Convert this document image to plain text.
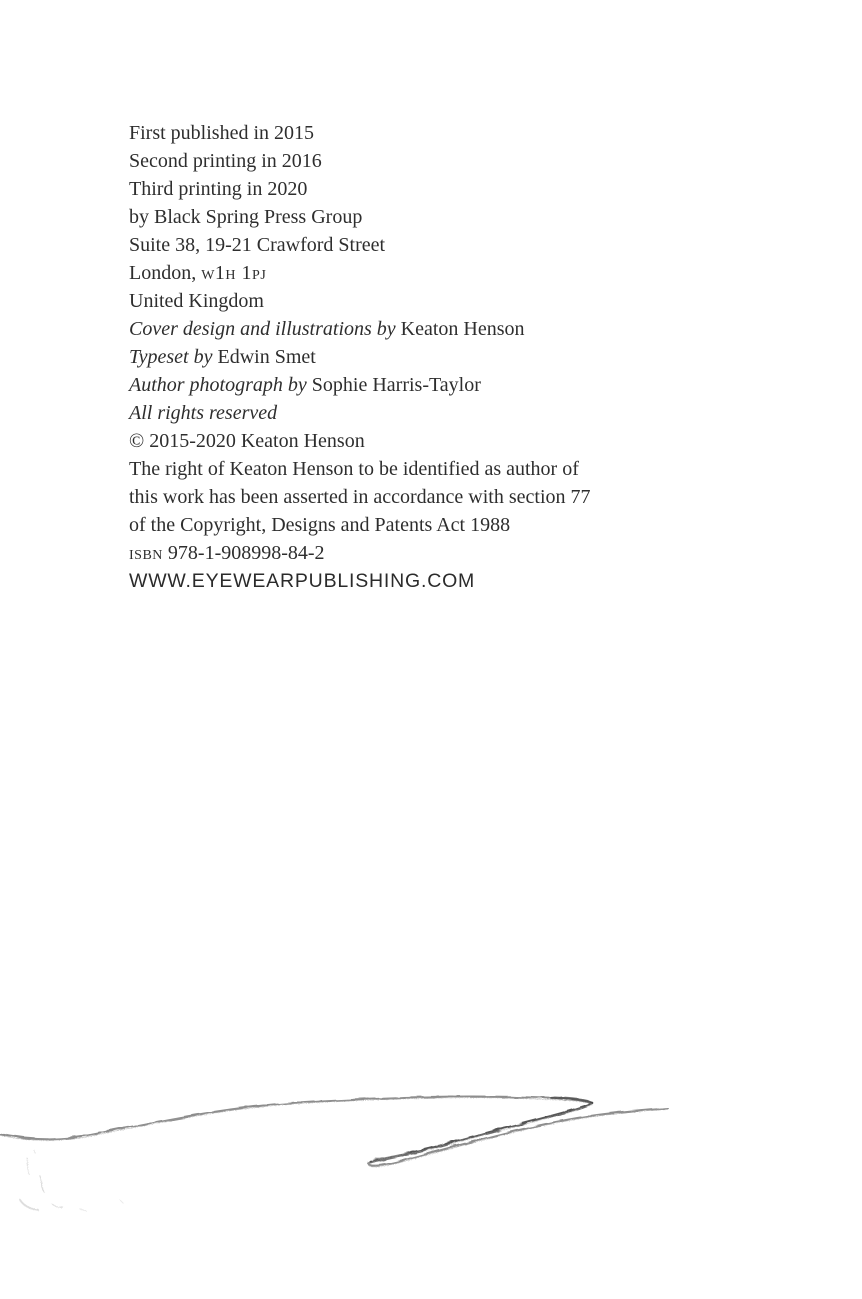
First published in 2015
Second printing in 2016
Third printing in 2020
by Black Spring Press Group
Suite 38, 19-21 Crawford Street
London, w1h 1pj
United Kingdom

Cover design and illustrations by Keaton Henson
Typeset by Edwin Smet
Author photograph by Sophie Harris-Taylor

All rights reserved
© 2015-2020 Keaton Henson

The right of Keaton Henson to be identified as author of
this work has been asserted in accordance with section 77
of the Copyright, Designs and Patents Act 1988
isbn 978-1-908998-84-2

WWW.EYEWEARPUBLISHING.COM
